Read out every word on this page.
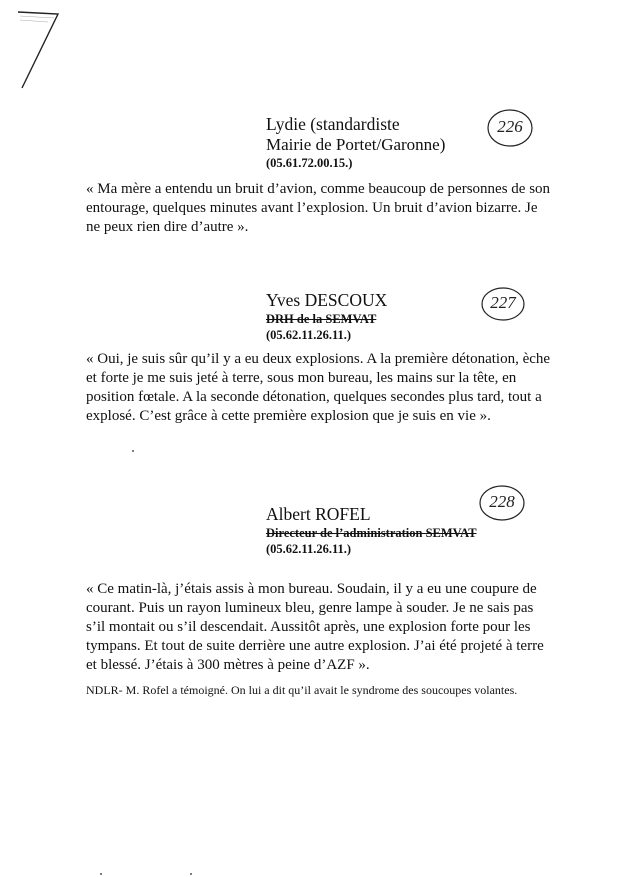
Lydie (standardiste
Mairie de Portet/Garonne)
(05.61.72.00.15.)
226
« Ma mère a entendu un bruit d’avion, comme beaucoup de personnes de son entourage, quelques minutes avant l’explosion. Un bruit d’avion bizarre. Je ne peux rien dire d’autre ».
Yves DESCOUX
DRH de la SEMVAT
(05.62.11.26.11.)
227
« Oui, je suis sûr qu’il y a eu deux explosions. A la première détonation, èche et forte je me suis jeté à terre, sous mon bureau, les mains sur la tête, en position fœtale. A la seconde détonation, quelques secondes plus tard, tout a explosé. C’est grâce à cette première explosion que je suis en vie ».
Albert ROFEL
Directeur de l’administration SEMVAT
(05.62.11.26.11.)
228
« Ce matin-là, j’étais assis à mon bureau. Soudain, il y a eu une coupure de courant. Puis un rayon lumineux bleu, genre lampe à souder. Je ne sais pas s’il montait ou s’il descendait. Aussitôt après, une explosion forte pour les tympans. Et tout de suite derrière une autre explosion. J’ai été projeté à terre et blessé. J’étais à 300 mètres à peine d’AZF ».
NDLR- M. Rofel a témoigné. On lui a dit qu’il avait le syndrome des soucoupes volantes.
